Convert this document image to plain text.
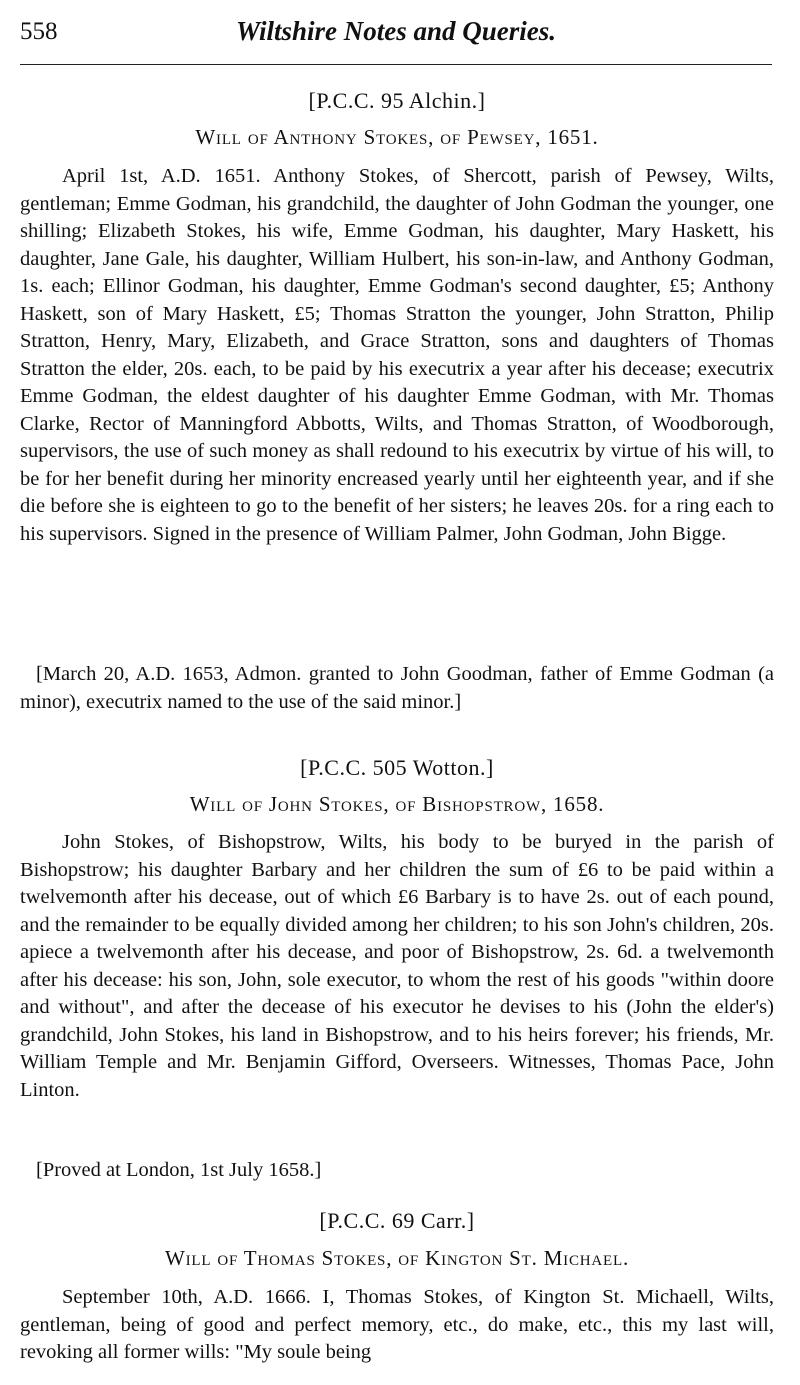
558	Wiltshire Notes and Queries.
[P.C.C. 95 Alchin.]
Will of Anthony Stokes, of Pewsey, 1651.

April 1st, A.D. 1651. Anthony Stokes, of Shercott, parish of Pewsey, Wilts, gentleman; Emme Godman, his grandchild, the daughter of John Godman the younger, one shilling; Elizabeth Stokes, his wife, Emme Godman, his daughter, Mary Haskett, his daughter, Jane Gale, his daughter, William Hulbert, his son-in-law, and Anthony Godman, 1s. each; Ellinor Godman, his daughter, Emme Godman's second daughter, £5; Anthony Haskett, son of Mary Haskett, £5; Thomas Stratton the younger, John Stratton, Philip Stratton, Henry, Mary, Elizabeth, and Grace Stratton, sons and daughters of Thomas Stratton the elder, 20s. each, to be paid by his executrix a year after his decease; executrix Emme Godman, the eldest daughter of his daughter Emme Godman, with Mr. Thomas Clarke, Rector of Manningford Abbotts, Wilts, and Thomas Stratton, of Woodborough, supervisors, the use of such money as shall redound to his executrix by virtue of his will, to be for her benefit during her minority encreased yearly until her eighteenth year, and if she die before she is eighteen to go to the benefit of her sisters; he leaves 20s. for a ring each to his supervisors. Signed in the presence of William Palmer, John Godman, John Bigge.

[March 20, A.D. 1653, Admon. granted to John Goodman, father of Emme Godman (a minor), executrix named to the use of the said minor.]

[P.C.C. 505 Wotton.]
Will of John Stokes, of Bishopstrow, 1658.

John Stokes, of Bishopstrow, Wilts, his body to be buryed in the parish of Bishopstrow; his daughter Barbary and her children the sum of £6 to be paid within a twelvemonth after his decease, out of which £6 Barbary is to have 2s. out of each pound, and the remainder to be equally divided among her children; to his son John's children, 20s. apiece a twelvemonth after his decease, and poor of Bishopstrow, 2s. 6d. a twelvemonth after his decease: his son, John, sole executor, to whom the rest of his goods "within doore and without", and after the decease of his executor he devises to his (John the elder's) grandchild, John Stokes, his land in Bishopstrow, and to his heirs forever; his friends, Mr. William Temple and Mr. Benjamin Gifford, Overseers. Witnesses, Thomas Pace, John Linton.

[Proved at London, 1st July 1658.]

[P.C.C. 69 Carr.]
Will of Thomas Stokes, of Kington St. Michael.

September 10th, A.D. 1666. I, Thomas Stokes, of Kington St. Michaell, Wilts, gentleman, being of good and perfect memory, etc., do make, etc., this my last will, revoking all former wills: "My soule being
